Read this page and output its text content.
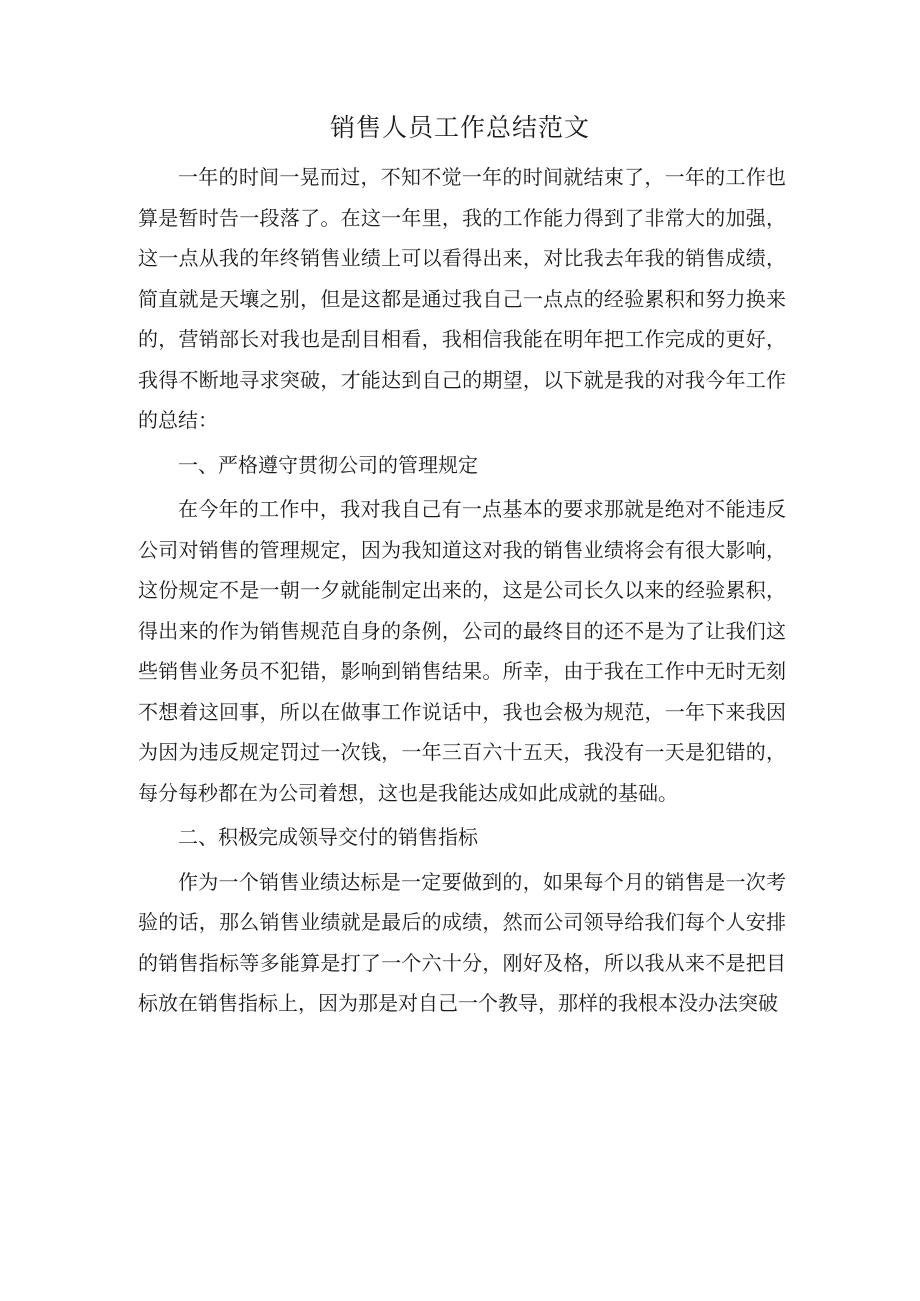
销售人员工作总结范文

一年的时间一晃而过，不知不觉一年的时间就结束了，一年的工作也算是暂时告一段落了。在这一年里，我的工作能力得到了非常大的加强，这一点从我的年终销售业绩上可以看得出来，对比我去年我的销售成绩，简直就是天壤之别，但是这都是通过我自己一点点的经验累积和努力换来的，营销部长对我也是刮目相看，我相信我能在明年把工作完成的更好，我得不断地寻求突破，才能达到自己的期望，以下就是我的对我今年工作的总结：

一、严格遵守贯彻公司的管理规定

在今年的工作中，我对我自己有一点基本的要求那就是绝对不能违反公司对销售的管理规定，因为我知道这对我的销售业绩将会有很大影响，这份规定不是一朝一夕就能制定出来的，这是公司长久以来的经验累积，得出来的作为销售规范自身的条例，公司的最终目的还不是为了让我们这些销售业务员不犯错，影响到销售结果。所幸，由于我在工作中无时无刻不想着这回事，所以在做事工作说话中，我也会极为规范，一年下来我因为因为违反规定罚过一次钱，一年三百六十五天，我没有一天是犯错的，每分每秒都在为公司着想，这也是我能达成如此成就的基础。

二、积极完成领导交付的销售指标

作为一个销售业绩达标是一定要做到的，如果每个月的销售是一次考验的话，那么销售业绩就是最后的成绩，然而公司领导给我们每个人安排的销售指标等多能算是打了一个六十分，刚好及格，所以我从来不是把目标放在销售指标上，因为那是对自己一个教导，那样的我根本没办法突破
